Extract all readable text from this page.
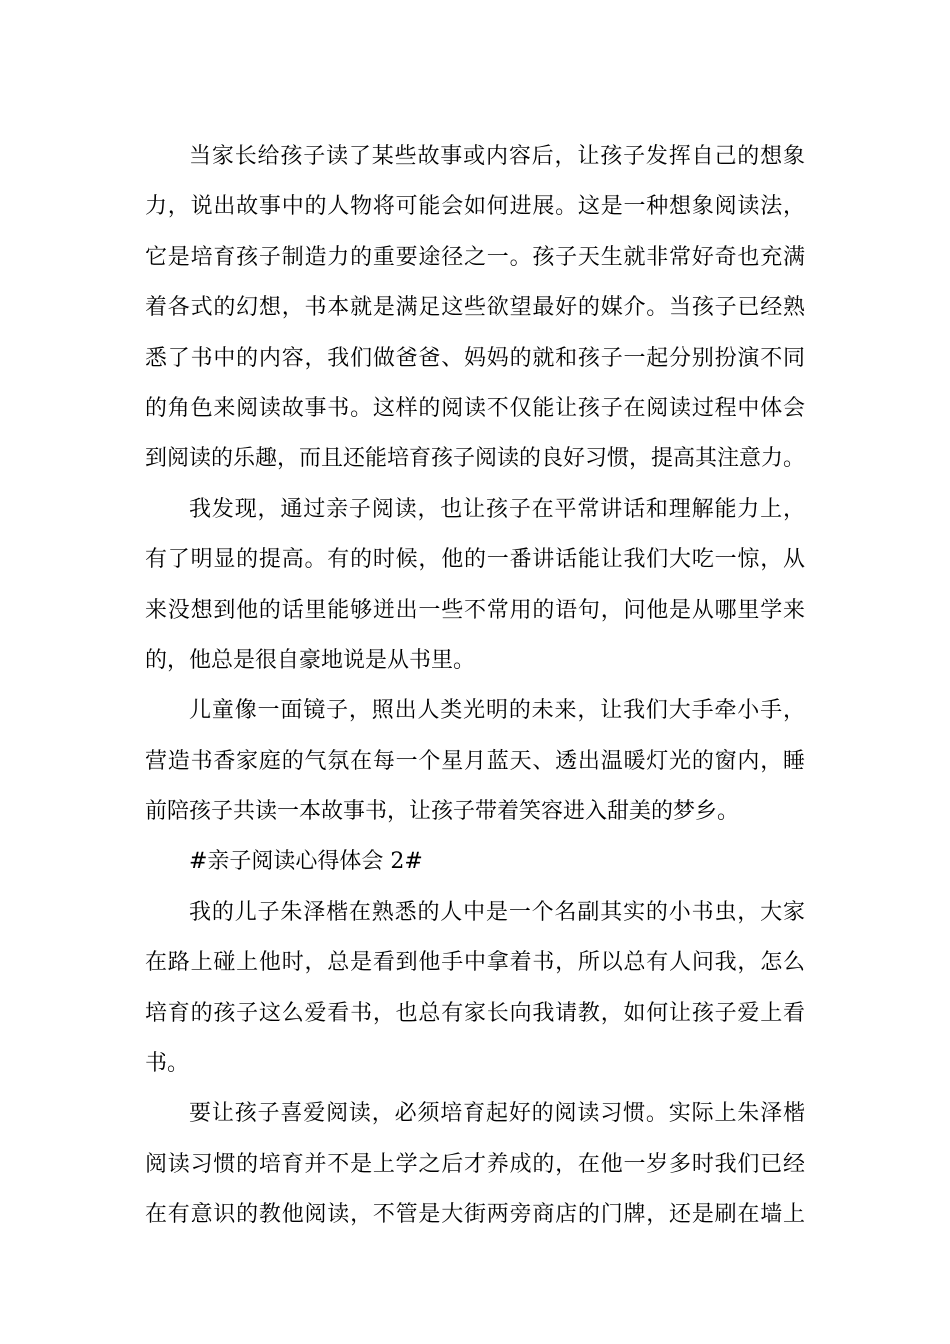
当家长给孩子读了某些故事或内容后，让孩子发挥自己的想象
力，说出故事中的人物将可能会如何进展。这是一种想象阅读法，
它是培育孩子制造力的重要途径之一。孩子天生就非常好奇也充满
着各式的幻想，书本就是满足这些欲望最好的媒介。当孩子已经熟
悉了书中的内容，我们做爸爸、妈妈的就和孩子一起分别扮演不同
的角色来阅读故事书。这样的阅读不仅能让孩子在阅读过程中体会
到阅读的乐趣，而且还能培育孩子阅读的良好习惯，提高其注意力。
我发现，通过亲子阅读，也让孩子在平常讲话和理解能力上，
有了明显的提高。有的时候，他的一番讲话能让我们大吃一惊，从
来没想到他的话里能够迸出一些不常用的语句，问他是从哪里学来
的，他总是很自豪地说是从书里。
儿童像一面镜子，照出人类光明的未来，让我们大手牵小手，
营造书香家庭的气氛在每一个星月蓝天、透出温暖灯光的窗内，睡
前陪孩子共读一本故事书，让孩子带着笑容进入甜美的梦乡。
#亲子阅读心得体会 2#
我的儿子朱泽楷在熟悉的人中是一个名副其实的小书虫，大家
在路上碰上他时，总是看到他手中拿着书，所以总有人问我，怎么
培育的孩子这么爱看书，也总有家长向我请教，如何让孩子爱上看
书。
要让孩子喜爱阅读，必须培育起好的阅读习惯。实际上朱泽楷
阅读习惯的培育并不是上学之后才养成的，在他一岁多时我们已经
在有意识的教他阅读，不管是大街两旁商店的门牌，还是刷在墙上
